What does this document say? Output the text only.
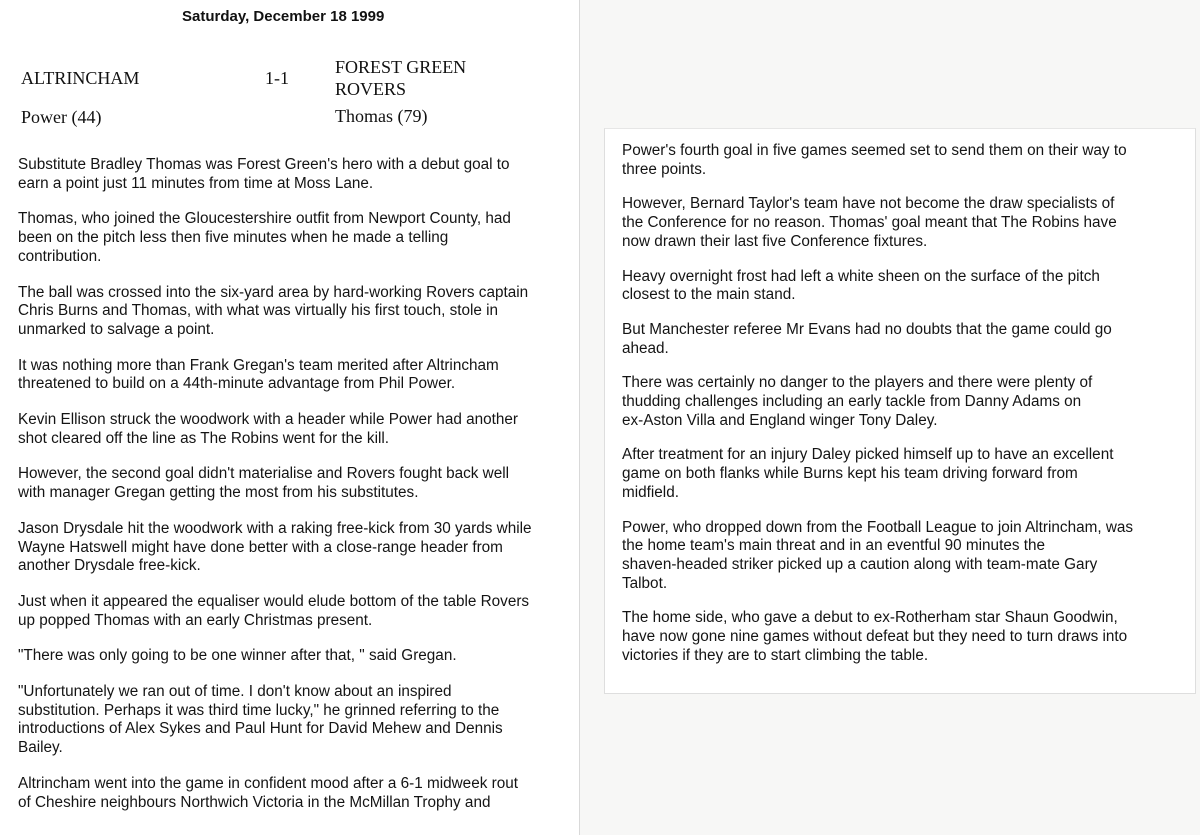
Saturday, December 18 1999
ALTRINCHAM	1-1
FOREST GREEN
ROVERS
Power (44)	Thomas (79)

Substitute Bradley Thomas was Forest Green's hero with a debut goal to
earn a point just 11 minutes from time at Moss Lane.

Thomas, who joined the Gloucestershire outfit from Newport County, had
been on the pitch less then five minutes when he made a telling
contribution.

The ball was crossed into the six-yard area by hard-working Rovers captain
Chris Burns and Thomas, with what was virtually his first touch, stole in
unmarked to salvage a point.

It was nothing more than Frank Gregan's team merited after Altrincham
threatened to build on a 44th-minute advantage from Phil Power.

Kevin Ellison struck the woodwork with a header while Power had another
shot cleared off the line as The Robins went for the kill.

However, the second goal didn't materialise and Rovers fought back well
with manager Gregan getting the most from his substitutes.

Jason Drysdale hit the woodwork with a raking free-kick from 30 yards while
Wayne Hatswell might have done better with a close-range header from
another Drysdale free-kick.

Just when it appeared the equaliser would elude bottom of the table Rovers
up popped Thomas with an early Christmas present.

"There was only going to be one winner after that, " said Gregan.

"Unfortunately we ran out of time. I don't know about an inspired
substitution. Perhaps it was third time lucky," he grinned referring to the
introductions of Alex Sykes and Paul Hunt for David Mehew and Dennis
Bailey.

Altrincham went into the game in confident mood after a 6-1 midweek rout
of Cheshire neighbours Northwich Victoria in the McMillan Trophy and

Power's fourth goal in five games seemed set to send them on their way to
three points.

However, Bernard Taylor's team have not become the draw specialists of
the Conference for no reason. Thomas' goal meant that The Robins have
now drawn their last five Conference fixtures.

Heavy overnight frost had left a white sheen on the surface of the pitch
closest to the main stand.

But Manchester referee Mr Evans had no doubts that the game could go
ahead.

There was certainly no danger to the players and there were plenty of
thudding challenges including an early tackle from Danny Adams on
ex-Aston Villa and England winger Tony Daley.

After treatment for an injury Daley picked himself up to have an excellent
game on both flanks while Burns kept his team driving forward from
midfield.

Power, who dropped down from the Football League to join Altrincham, was
the home team's main threat and in an eventful 90 minutes the
shaven-headed striker picked up a caution along with team-mate Gary
Talbot.

The home side, who gave a debut to ex-Rotherham star Shaun Goodwin,
have now gone nine games without defeat but they need to turn draws into
victories if they are to start climbing the table.
